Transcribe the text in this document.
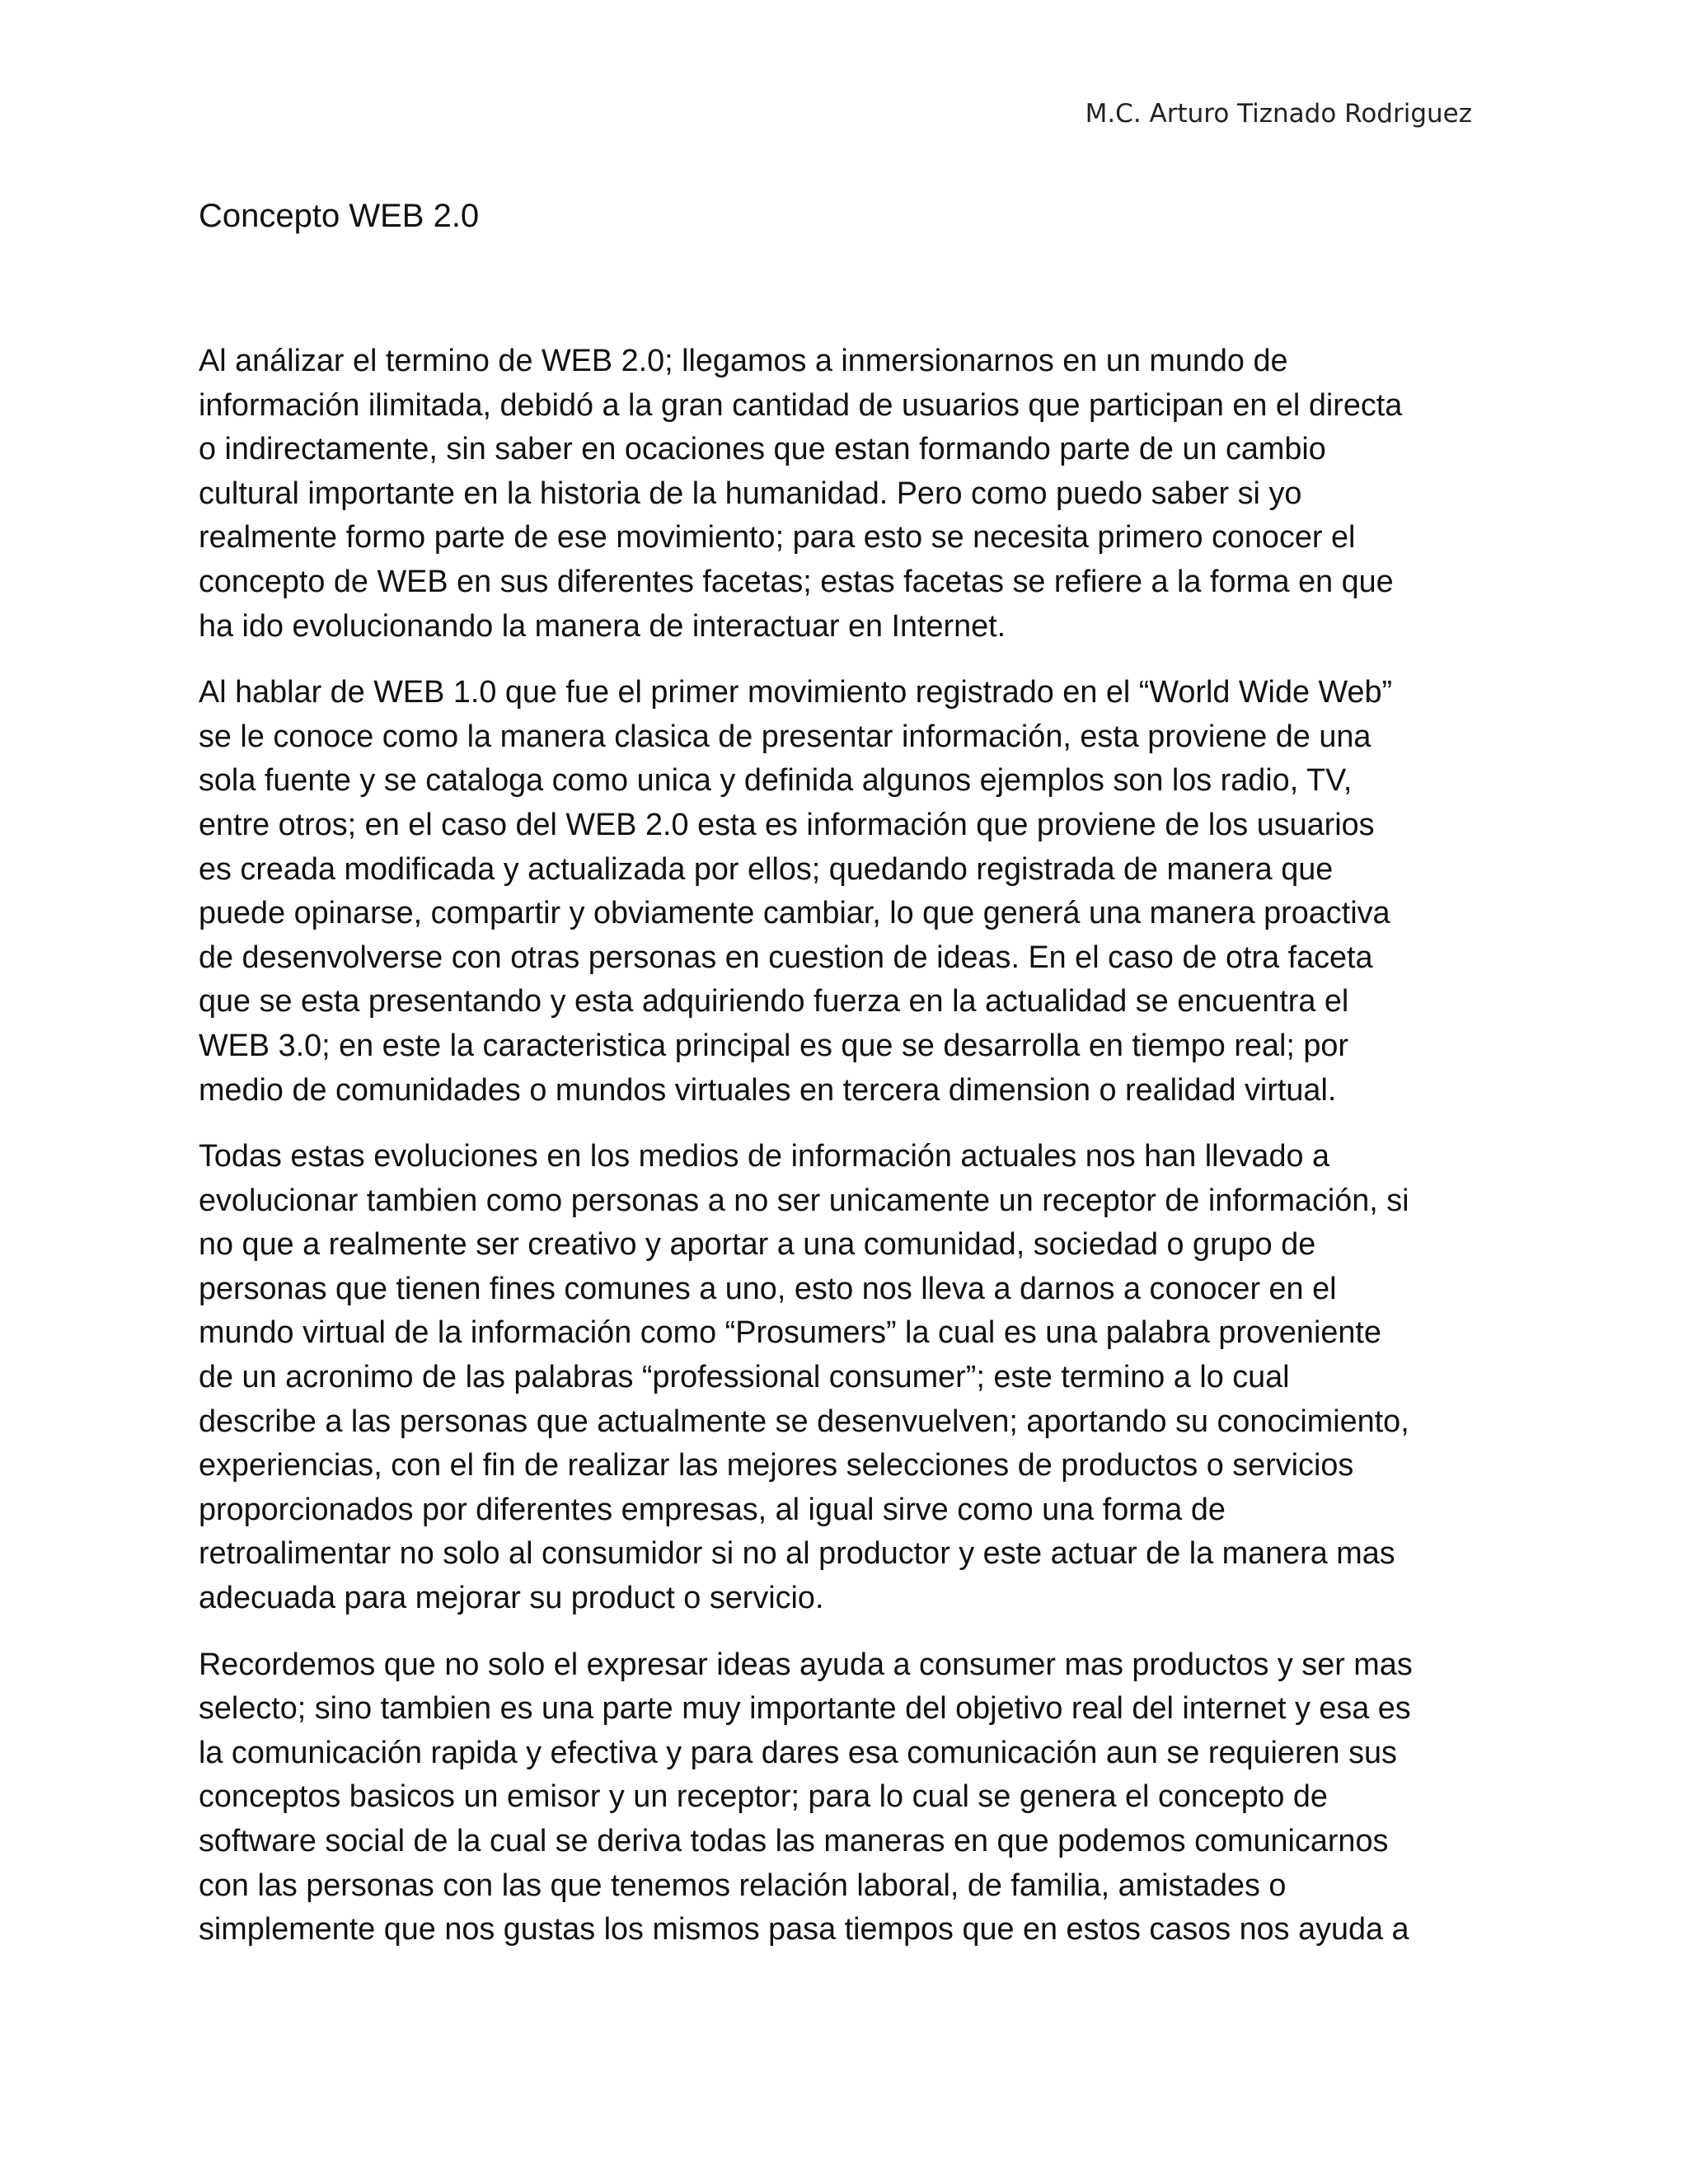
M.C. Arturo Tiznado Rodriguez
Concepto WEB 2.0
Al análizar el termino de WEB 2.0; llegamos a inmersionarnos en un mundo de
información ilimitada, debidó a la gran cantidad de usuarios que participan en el directa
o indirectamente, sin saber en ocaciones que estan formando parte de un cambio
cultural importante en la historia de la humanidad. Pero como puedo saber si yo
realmente formo parte de ese movimiento; para esto se necesita primero conocer el
concepto de WEB en sus diferentes facetas; estas facetas se refiere a la forma en que
ha ido evolucionando la manera de interactuar en Internet.
Al hablar de WEB 1.0 que fue el primer movimiento registrado en el “World Wide Web”
se le conoce como la manera clasica de presentar información, esta proviene de una
sola fuente y se cataloga como unica y definida algunos ejemplos son los radio, TV,
entre otros; en el caso del WEB 2.0 esta es información que proviene de los usuarios
es creada modificada y actualizada por ellos; quedando registrada de manera que
puede opinarse, compartir y obviamente cambiar, lo que generá una manera proactiva
de desenvolverse con otras personas en cuestion de ideas. En el caso de otra faceta
que se esta presentando y esta adquiriendo fuerza en la actualidad se encuentra el
WEB 3.0; en este la caracteristica principal es que se desarrolla en tiempo real; por
medio de comunidades o mundos virtuales en tercera dimension o realidad virtual.
Todas estas evoluciones en los medios de información actuales nos han llevado a
evolucionar tambien como personas a no ser unicamente un receptor de información, si
no que a realmente ser creativo y aportar a una comunidad, sociedad o grupo de
personas que tienen fines comunes a uno, esto nos lleva a darnos a conocer en el
mundo virtual de la información como “Prosumers” la cual es una palabra proveniente
de un acronimo de las palabras “professional consumer”; este termino a lo cual
describe a las personas que actualmente se desenvuelven; aportando su conocimiento,
experiencias, con el fin de realizar las mejores selecciones de productos o servicios
proporcionados por diferentes empresas, al igual sirve como una forma de
retroalimentar no solo al consumidor si no al productor y este actuar de la manera mas
adecuada para mejorar su product o servicio.
Recordemos que no solo el expresar ideas ayuda a consumer mas productos y ser mas
selecto; sino tambien es una parte muy importante del objetivo real del internet y esa es
la comunicación rapida y efectiva y para dares esa comunicación aun se requieren sus
conceptos basicos un emisor y un receptor; para lo cual se genera el concepto de
software social de la cual se deriva todas las maneras en que podemos comunicarnos
con las personas con las que tenemos relación laboral, de familia, amistades o
simplemente que nos gustas los mismos pasa tiempos que en estos casos nos ayuda a
